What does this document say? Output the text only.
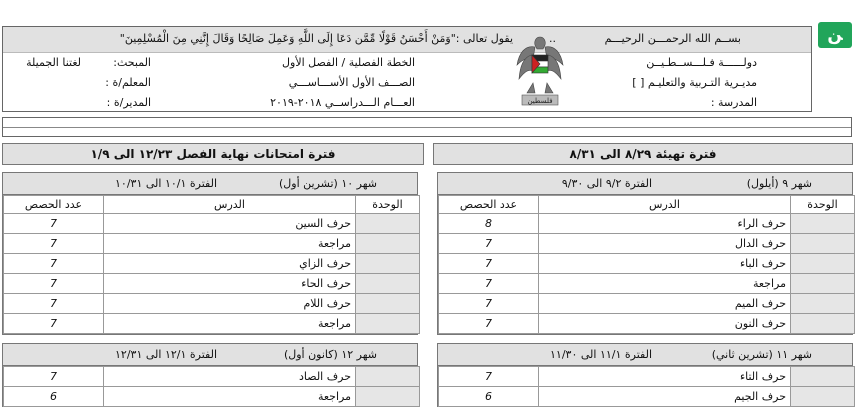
ﻦ
بســم الله الرحمـــن الرحيـــم
..
يقول تعالى :"وَمَنْ أَحْسَنُ قَوْلًا مِّمَّن دَعَا إِلَى اللَّهِ وَعَمِلَ صَالِحًا وَقَالَ إِنَّنِي مِنَ الْمُسْلِمِينَ"
دولــــــة فـلـــســطـيــن
مديـرية التـربية والتعليـم [ ]
المدرسة :
فلسطين
الخطة الفصلية / الفصل الأول
الصـــف الأول الأســـاســـي
العـــام الـــدراســي ٢٠١٨-٢٠١٩
المبحث:
لغتنا الجميلة
المعلم/ة :
المدير/ة :
فترة تهيئة ٨/٢٩ الى ٨/٣١
فترة امتحانات نهاية الفصل ١٢/٢٣ الى ١/٩
شهر ٩ (أيلول)
الفترة ٩/٢ الى ٩/٣٠
عدد الحصص	الدرس	الوحدة
8	حرف الراء	
7	حرف الدال	
7	حرف الباء	
7	مراجعة	
7	حرف الميم	
7	حرف النون	
شهر ١٠ (تشرين أول)
الفترة ١٠/١ الى ١٠/٣١
عدد الحصص	الدرس	الوحدة
7	حرف السين	
7	مراجعة	
7	حرف الزاي	
7	حرف الحاء	
7	حرف اللام	
7	مراجعة	
شهر ١١ (تشرين ثاني)
الفترة ١١/١ الى ١١/٣٠
7	حرف التاء	
6	حرف الجيم	
شهر ١٢ (كانون أول)
الفترة ١٢/١ الى ١٢/٣١
7	حرف الصاد	
6	مراجعة	
